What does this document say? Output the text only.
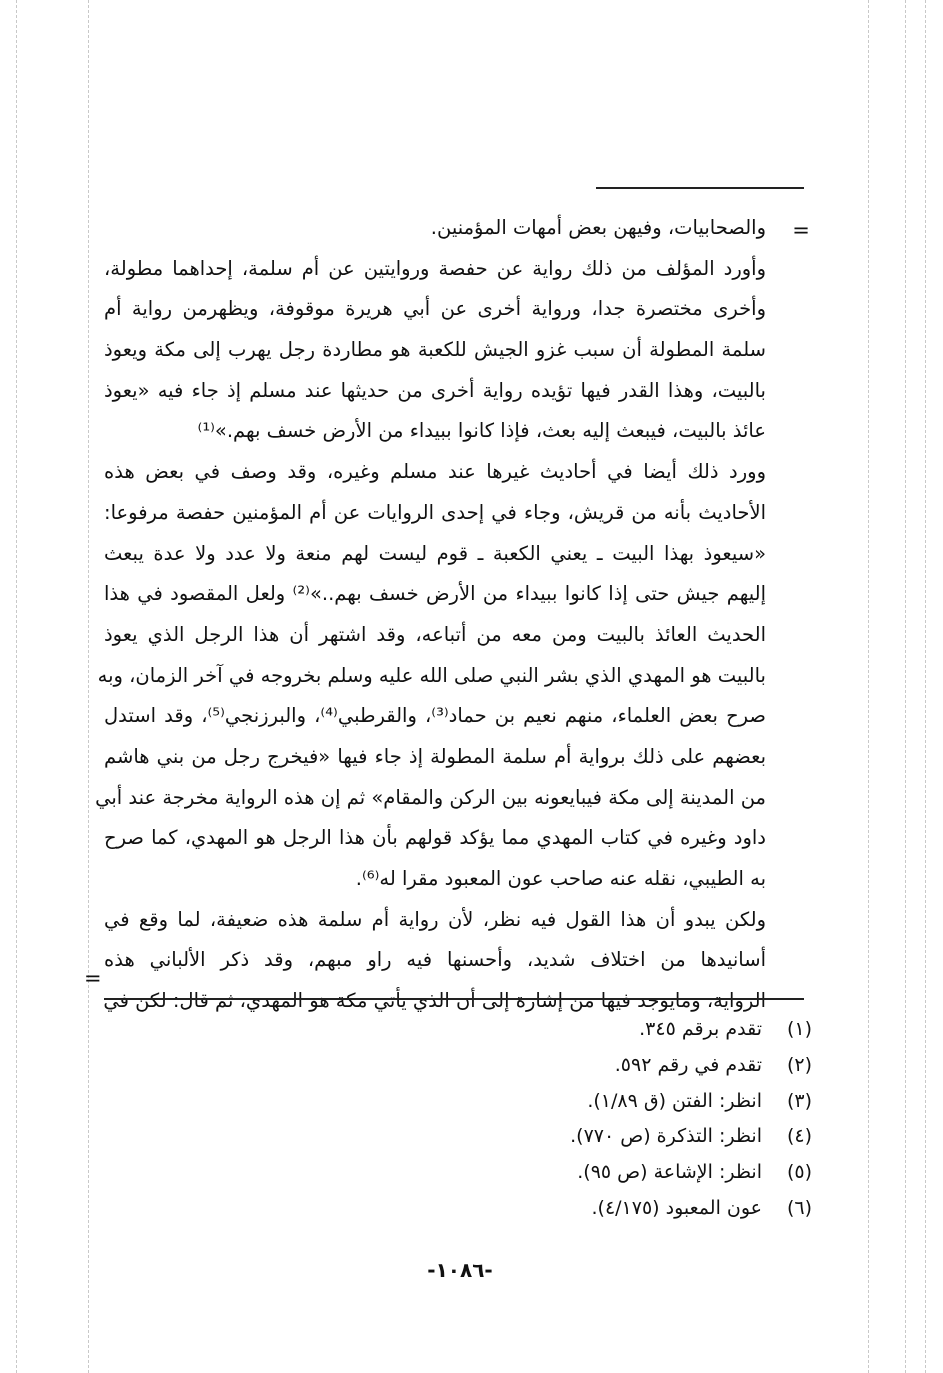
=
والصحابيات، وفيهن بعض أمهات المؤمنين.
وأورد المؤلف من ذلك رواية عن حفصة وروايتين عن أم سلمة، إحداهما مطولة،
وأخرى مختصرة جدا، ورواية أخرى عن أبي هريرة موقوفة، ويظهرمن رواية أم
سلمة المطولة أن سبب غزو الجيش للكعبة هو مطاردة رجل يهرب إلى مكة ويعوذ
بالبيت، وهذا القدر فيها تؤيده رواية أخرى من حديثها عند مسلم إذ جاء فيه «يعوذ
عائذ بالبيت، فيبعث إليه بعث، فإذا كانوا ببيداء من الأرض خسف بهم.»⁽¹⁾
وورد ذلك أيضا في أحاديث غيرها عند مسلم وغيره، وقد وصف في بعض هذه
الأحاديث بأنه من قريش، وجاء في إحدى الروايات عن أم المؤمنين حفصة مرفوعا:
«سيعوذ بهذا البيت ـ يعني الكعبة ـ قوم ليست لهم منعة ولا عدد ولا عدة يبعث
إليهم جيش حتى إذا كانوا ببيداء من الأرض خسف بهم..»⁽²⁾ ولعل المقصود في هذا
الحديث العائذ بالبيت ومن معه من أتباعه، وقد اشتهر أن هذا الرجل الذي يعوذ
بالبيت هو المهدي الذي بشر النبي صلى الله عليه وسلم بخروجه في آخر الزمان، وبه
صرح بعض العلماء، منهم نعيم بن حماد⁽³⁾، والقرطبي⁽⁴⁾، والبرزنجي⁽⁵⁾، وقد استدل
بعضهم على ذلك برواية أم سلمة المطولة إذ جاء فيها «فيخرج رجل من بني هاشم
من المدينة إلى مكة فيبايعونه بين الركن والمقام» ثم إن هذه الرواية مخرجة عند أبي
داود وغيره في كتاب المهدي مما يؤكد قولهم بأن هذا الرجل هو المهدي، كما صرح
به الطيبي، نقله عنه صاحب عون المعبود مقرا له⁽⁶⁾.
ولكن يبدو أن هذا القول فيه نظر، لأن رواية أم سلمة هذه ضعيفة، لما وقع في
أسانيدها من اختلاف شديد، وأحسنها فيه راو مبهم، وقد ذكر الألباني هذه
الرواية، ومايوجد فيها من إشارة إلى أن الذي يأتي مكة هو المهدي، ثم قال: لكن في
=
(١)تقدم برقم ٣٤٥.
(٢)تقدم في رقم ٥٩٢.
(٣)انظر: الفتن (ق ١/٨٩).
(٤)انظر: التذكرة (ص ٧٧٠).
(٥)انظر: الإشاعة (ص ٩٥).
(٦)عون المعبود (٤/١٧٥).
-١٠٨٦-
